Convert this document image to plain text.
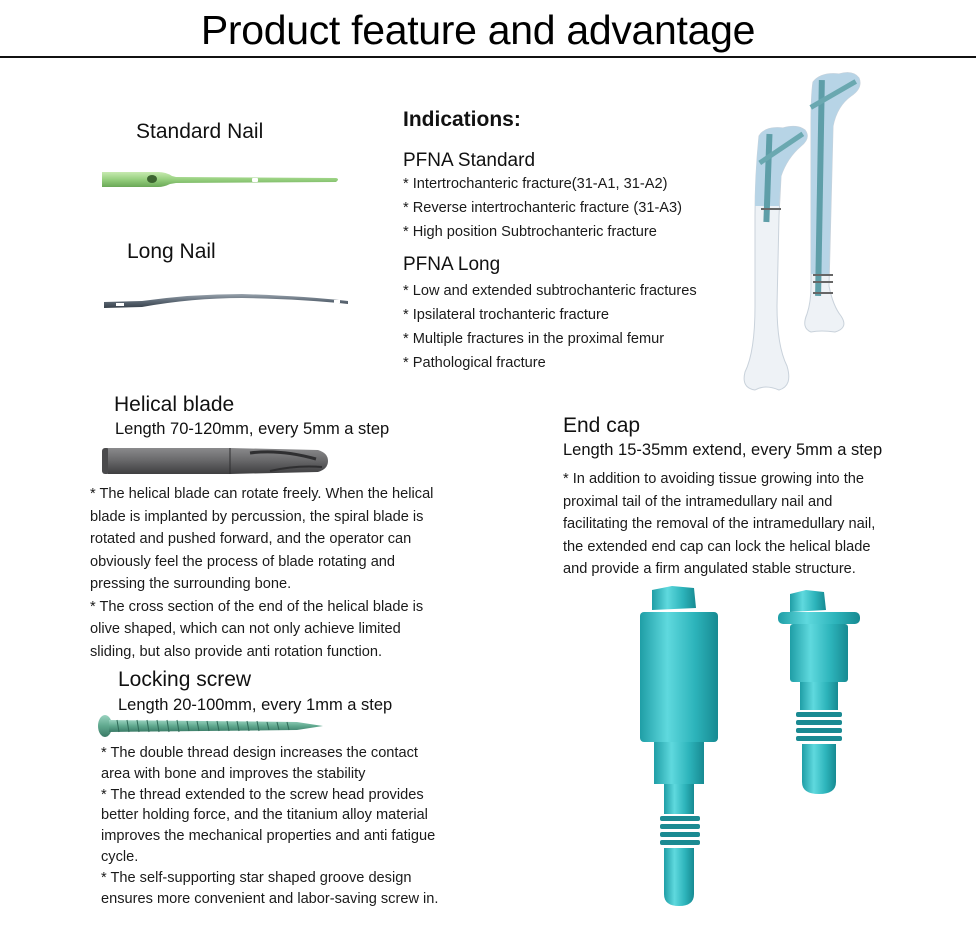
Product feature and advantage
Standard Nail
Long Nail
Indications:
PFNA Standard
* Intertrochanteric fracture(31-A1, 31-A2)
* Reverse intertrochanteric fracture (31-A3)
* High position Subtrochanteric fracture
PFNA Long
* Low and extended subtrochanteric fractures
* Ipsilateral trochanteric fracture
* Multiple fractures in the proximal femur
* Pathological fracture
Helical blade
Length 70-120mm, every 5mm a step
* The helical blade can rotate freely. When the helical
blade is implanted by percussion, the spiral blade is
rotated and pushed forward, and the operator can
obviously feel the process of blade rotating and
pressing the surrounding bone.
* The cross section of the end of the helical blade is
olive shaped, which can not only achieve limited
sliding, but also provide anti rotation function.
Locking screw
Length 20-100mm, every 1mm a step
* The double thread design increases the contact
area with bone and improves the stability
* The thread extended to the screw head provides
better holding force, and the titanium alloy material
improves the mechanical properties and anti fatigue
cycle.
* The self-supporting star shaped groove design
ensures more convenient and labor-saving screw in.
End cap
Length 15-35mm extend, every 5mm a step
* In addition to avoiding tissue growing into the
proximal tail of the intramedullary nail and
facilitating the removal of the intramedullary nail,
the extended end cap can lock the helical blade
and provide a firm angulated stable structure.
